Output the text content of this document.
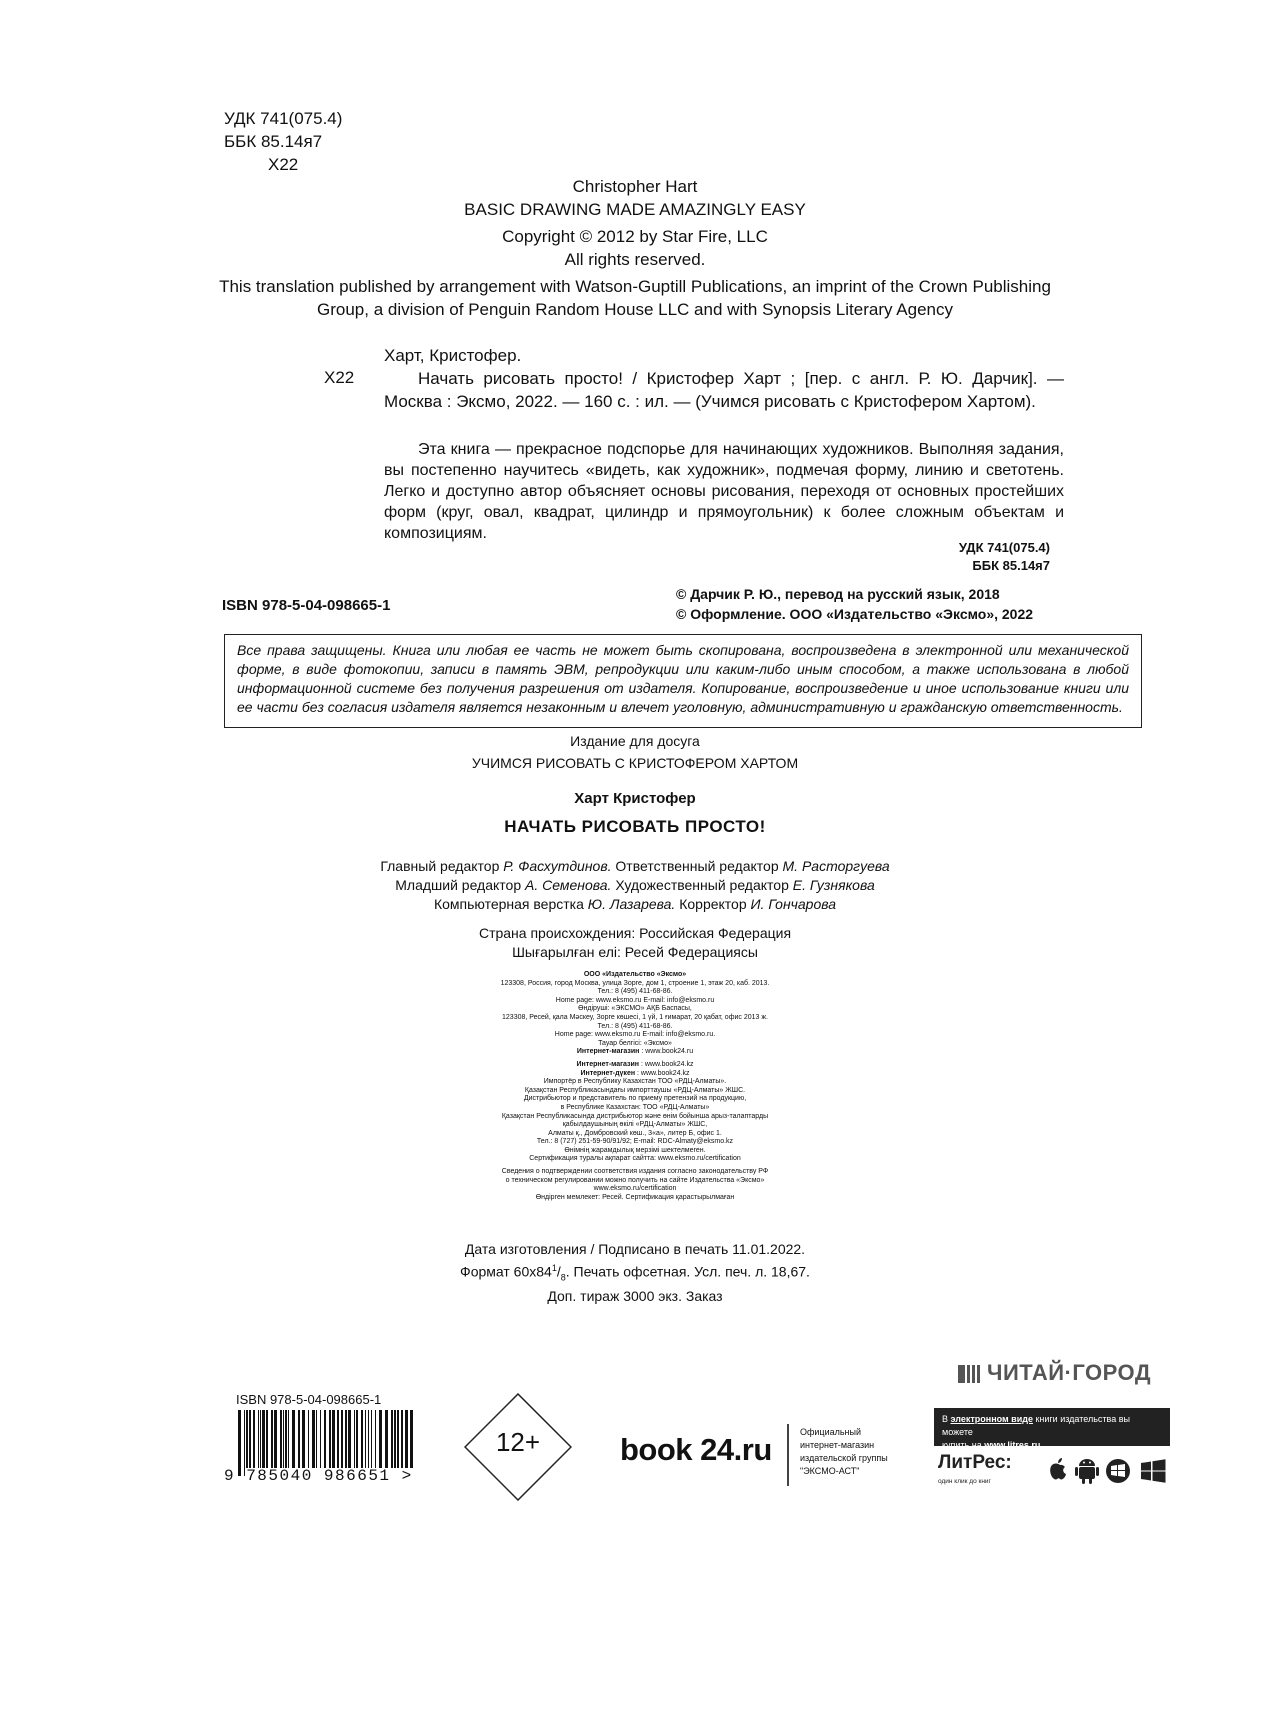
УДК 741(075.4)
ББК 85.14я7
Х22
Christopher Hart
BASIC DRAWING MADE AMAZINGLY EASY
Copyright © 2012 by Star Fire, LLC
All rights reserved.
This translation published by arrangement with Watson-Guptill Publications, an imprint of the Crown Publishing
Group, a division of Penguin Random House LLC and with Synopsis Literary Agency
Х22

Харт, Кристофер.

Начать рисовать просто! / Кристофер Харт ; [пер. с англ. Р. Ю. Дарчик]. — Москва : Эксмо, 2022. — 160 с. : ил. — (Учимся рисовать с Кристофером Хартом).

Эта книга — прекрасное подспорье для начинающих художников. Выполняя задания, вы постепенно научитесь «видеть, как художник», подмечая форму, линию и светотень. Легко и доступно автор объясняет основы рисования, переходя от основных простейших форм (круг, овал, квадрат, цилиндр и прямоугольник) к более сложным объектам и композициям.
УДК 741(075.4)
ББК 85.14я7
ISBN 978-5-04-098665-1
© Дарчик Р. Ю., перевод на русский язык, 2018
© Оформление. ООО «Издательство «Эксмо», 2022
Все права защищены. Книга или любая ее часть не может быть скопирована, воспроизведена в электронной или механической форме, в виде фотокопии, записи в память ЭВМ, репродукции или каким-либо иным способом, а также использована в любой информационной системе без получения разрешения от издателя. Копирование, воспроизведение и иное использование книги или ее части без согласия издателя является незаконным и влечет уголовную, административную и гражданскую ответственность.
Издание для досуга
УЧИМСЯ РИСОВАТЬ С КРИСТОФЕРОМ ХАРТОМ
Харт Кристофер
НАЧАТЬ РИСОВАТЬ ПРОСТО!
Главный редактор Р. Фасхутдинов. Ответственный редактор М. Расторгуева
Младший редактор А. Семенова. Художественный редактор Е. Гузнякова
Компьютерная верстка Ю. Лазарева. Корректор И. Гончарова
Страна происхождения: Российская Федерация
Шығарылған елі: Ресей Федерациясы
ООО «Издательство «Эксмо»
123308, Россия, город Москва, улица Зорге, дом 1, строение 1, этаж 20, каб. 2013.
Тел.: 8 (495) 411-68-86.
Home page: www.eksmo.ru E-mail: info@eksmo.ru
Өндіруші: «ЭКСМО» АҚБ Баспасы,
123308, Ресей, қала Мәскеу, Зорге көшесі, 1 үй, 1 ғимарат, 20 қабат, офис 2013 ж.
Тел.: 8 (495) 411-68-86.
Home page: www.eksmo.ru E-mail: info@eksmo.ru.
Тауар белгісі: «Эксмо»
Интернет-магазин : www.book24.ru
Интернет-магазин : www.book24.kz
Интернет-дүкен : www.book24.kz
Импортёр в Республику Казахстан ТОО «РДЦ-Алматы».
Қазақстан Республикасындағы импорттаушы «РДЦ-Алматы» ЖШС.
Дистрибьютор и представитель по приему претензий на продукцию,
в Республике Казахстан: ТОО «РДЦ-Алматы»
Қазақстан Республикасында дистрибьютор және өнім бойынша арыз-талаптарды
қабылдаушының өкілі «РДЦ-Алматы» ЖШС,
Алматы қ., Домбровский көш., 3«а», литер Б, офис 1.
Тел.: 8 (727) 251-59-90/91/92; E-mail: RDC-Almaty@eksmo.kz
Өнімнің жарамдылық мерзімі шектелмеген.
Сертификация туралы ақпарат сайтта: www.eksmo.ru/certification
Сведения о подтверждении соответствия издания согласно законодательству РФ
о техническом регулировании можно получить на сайте Издательства «Эксмо»
www.eksmo.ru/certification
Өндірген мемлекет: Ресей. Сертификация қарастырылмаған
Дата изготовления / Подписано в печать 11.01.2022.
Формат $60x84^1/_8$. Печать офсетная. Усл. печ. л. 18,67.
Доп. тираж 3000 экз. Заказ
ISBN 978-5-04-098665-1
9 785040 986651 >
12+	book 24.ru	Официальный
интернет-магазин
издательской группы
"ЭКСМО-АСТ"
ЧИТАЙ·ГОРОД
В электронном виде книги издательства вы можете
купить на www.litres.ru
ЛитРес:
один клик до книг
